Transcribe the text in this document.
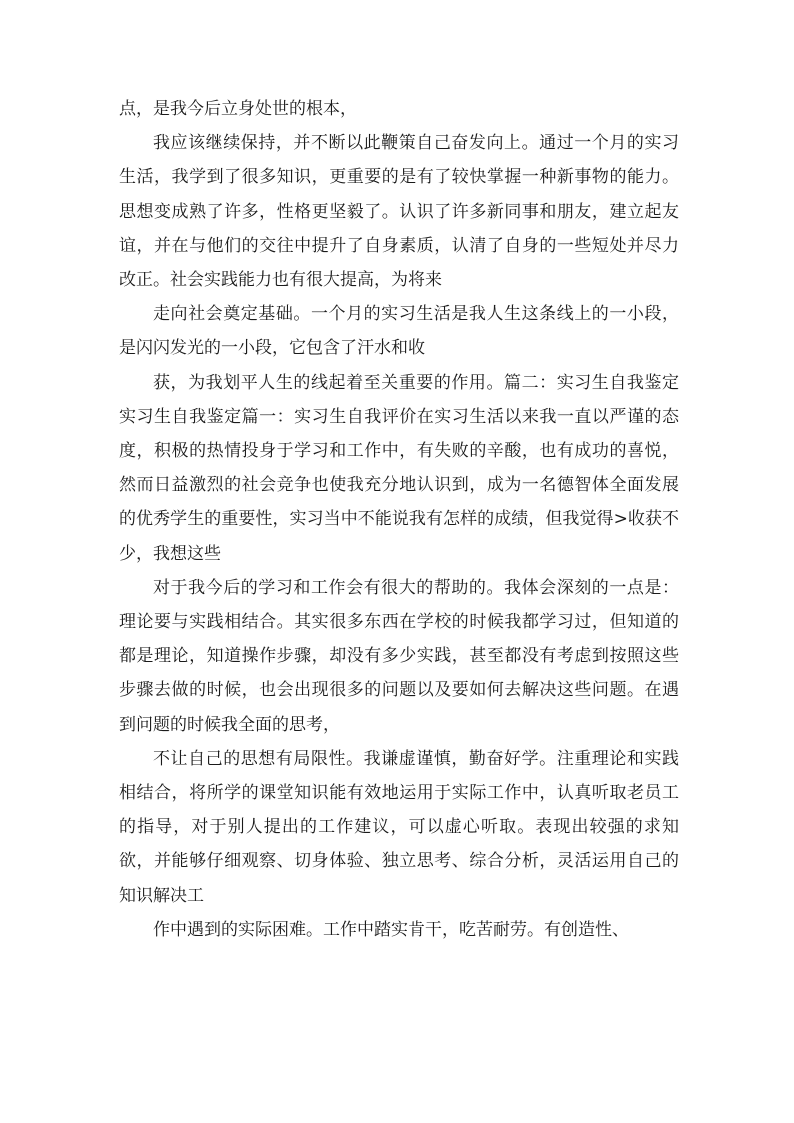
点，是我今后立身处世的根本，

我应该继续保持，并不断以此鞭策自己奋发向上。通过一个月的实习生活，我学到了很多知识，更重要的是有了较快掌握一种新事物的能力。思想变成熟了许多，性格更坚毅了。认识了许多新同事和朋友，建立起友谊，并在与他们的交往中提升了自身素质，认清了自身的一些短处并尽力改正。社会实践能力也有很大提高，为将来

走向社会奠定基础。一个月的实习生活是我人生这条线上的一小段，是闪闪发光的一小段，它包含了汗水和收

获，为我划平人生的线起着至关重要的作用。篇二：实习生自我鉴定实习生自我鉴定篇一：实习生自我评价在实习生活以来我一直以严谨的态度，积极的热情投身于学习和工作中，有失败的辛酸，也有成功的喜悦，然而日益激烈的社会竞争也使我充分地认识到，成为一名德智体全面发展的优秀学生的重要性，实习当中不能说我有怎样的成绩，但我觉得>收获不少，我想这些

对于我今后的学习和工作会有很大的帮助的。我体会深刻的一点是：理论要与实践相结合。其实很多东西在学校的时候我都学习过，但知道的都是理论，知道操作步骤，却没有多少实践，甚至都没有考虑到按照这些步骤去做的时候，也会出现很多的问题以及要如何去解决这些问题。在遇到问题的时候我全面的思考，

不让自己的思想有局限性。我谦虚谨慎，勤奋好学。注重理论和实践相结合，将所学的课堂知识能有效地运用于实际工作中，认真听取老员工的指导，对于别人提出的工作建议，可以虚心听取。表现出较强的求知欲，并能够仔细观察、切身体验、独立思考、综合分析，灵活运用自己的知识解决工

作中遇到的实际困难。工作中踏实肯干，吃苦耐劳。有创造性、
